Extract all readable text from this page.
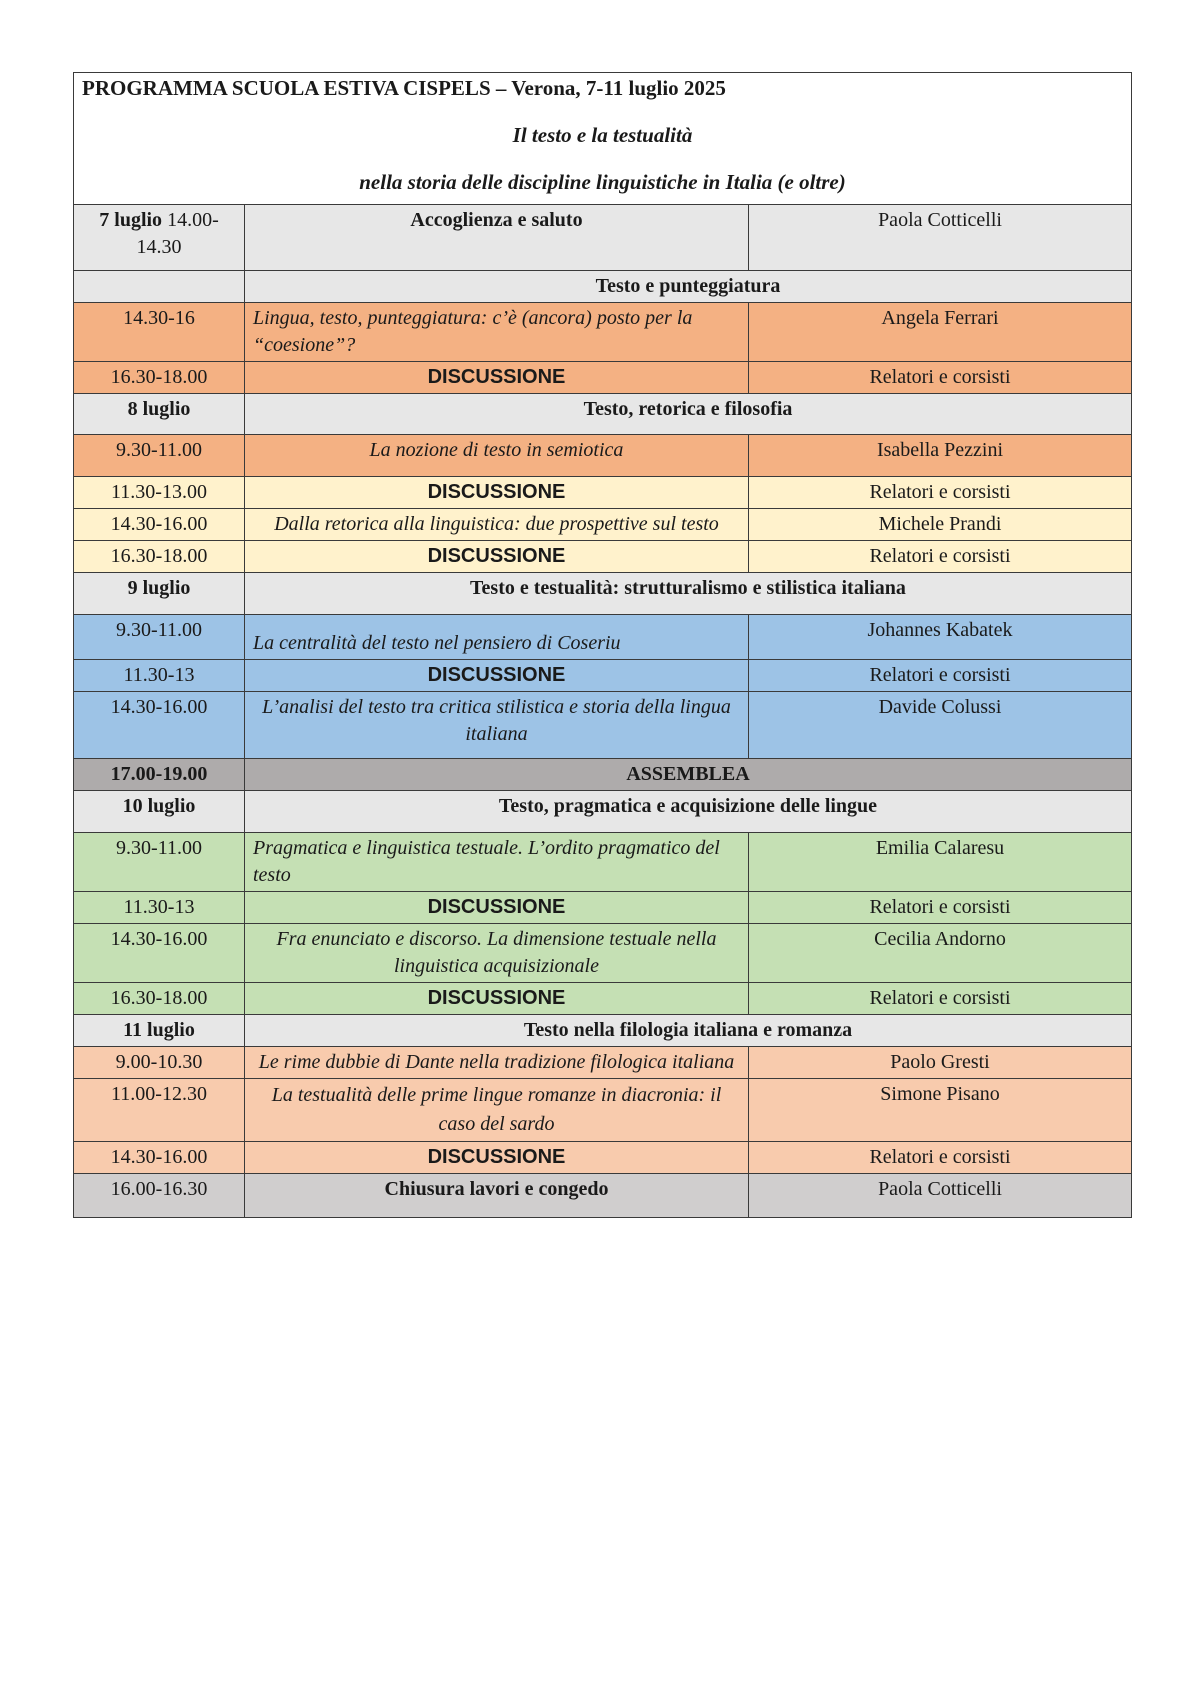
PROGRAMMA SCUOLA ESTIVA CISPELS – Verona, 7-11 luglio 2025
Il testo e la testualità
nella storia delle discipline linguistiche in Italia (e oltre)		

7 luglio 14.00-14.30	Accoglienza e saluto	Paola Cotticelli
	Testo e punteggiatura	
14.30-16	Lingua, testo, punteggiatura: c’è (ancora) posto per la “coesione”?	Angela Ferrari
16.30-18.00	DISCUSSIONE	Relatori e corsisti
8 luglio	Testo, retorica e filosofia	
9.30-11.00	La nozione di testo in semiotica	Isabella Pezzini
11.30-13.00	DISCUSSIONE	Relatori e corsisti
14.30-16.00	Dalla retorica alla linguistica: due prospettive sul testo	Michele Prandi
16.30-18.00	DISCUSSIONE	Relatori e corsisti
9 luglio	Testo e testualità: strutturalismo e stilistica italiana	
9.30-11.00	La centralità del testo nel pensiero di Coseriu	Johannes Kabatek
11.30-13	DISCUSSIONE	Relatori e corsisti
14.30-16.00	L’analisi del testo tra critica stilistica e storia della lingua italiana	Davide Colussi
17.00-19.00	ASSEMBLEA	
10 luglio	Testo, pragmatica e acquisizione delle lingue	
9.30-11.00	Pragmatica e linguistica testuale. L’ordito pragmatico del testo	Emilia Calaresu
11.30-13	DISCUSSIONE	Relatori e corsisti
14.30-16.00	Fra enunciato e discorso. La dimensione testuale nella linguistica acquisizionale	Cecilia Andorno
16.30-18.00	DISCUSSIONE	Relatori e corsisti
11 luglio	Testo nella filologia italiana e romanza	
9.00-10.30	Le rime dubbie di Dante nella tradizione filologica italiana	Paolo Gresti
11.00-12.30	La testualità delle prime lingue romanze in diacronia: il caso del sardo	Simone Pisano
14.30-16.00	DISCUSSIONE	Relatori e corsisti
16.00-16.30	Chiusura lavori e congedo	Paola Cotticelli
